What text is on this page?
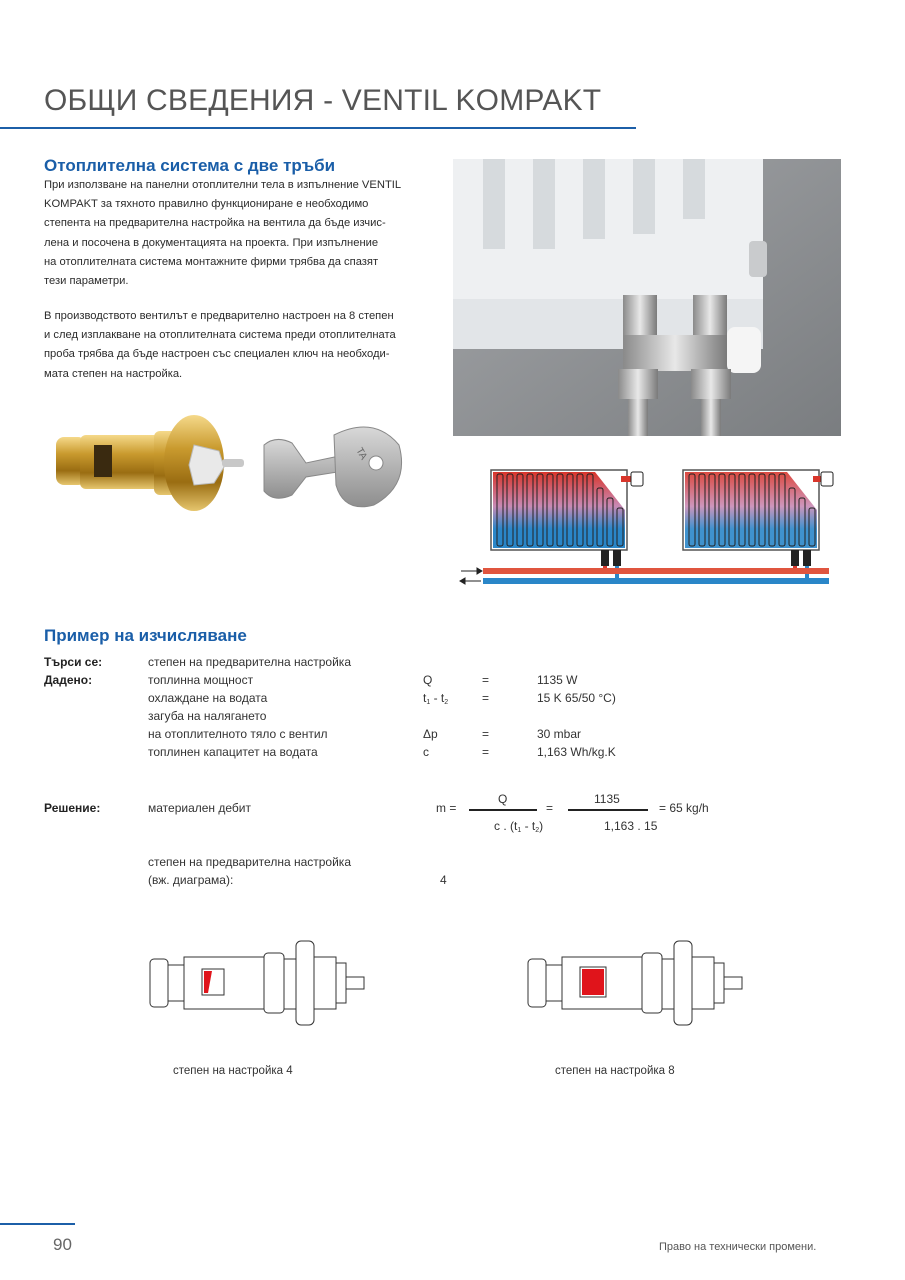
ОБЩИ СВЕДЕНИЯ - VENTIL KOMPAKT
Отоплителна система с две тръби
При използване на панелни отоплителни тела в изпълнение VENTIL
KOMPAKT за тяхното правилно функциониране е необходимо
степента на предварителна настройка на вентила да бъде изчис-
лена и посочена в документацията на проекта. При изпълнение
на отоплителната система монтажните фирми трябва да спазят
тези параметри.
В производството вентилът е предварително настроен на 8 степен
и след изплакване на отоплителната система преди отоплителната
проба трябва да бъде настроен със специален ключ на необходи-
мата степен на настройка.
TA
Пример на изчисляване
Търси се:	степен на предварителна настройка
Дадено:	топлинна мощност	Q	=	1135 W
охлаждане на водата	$t_1 - t_2$	=	15 K 65/50 °C)
загуба на налягането
на отоплителното тяло с вентил	Δp	=	30 mbar
топлинен капацитет на водата	c	=	1,163 Wh/kg.K
Решение:	материален дебит	m =
Q
c . $(t_1 - t_2)$
=
1135
1,163 . 15
= 65 kg/h
степен на предварителна настройка
(вж. диаграма):	4
степен на настройка 4	степен на настройка 8
90	Право на технически промени.
